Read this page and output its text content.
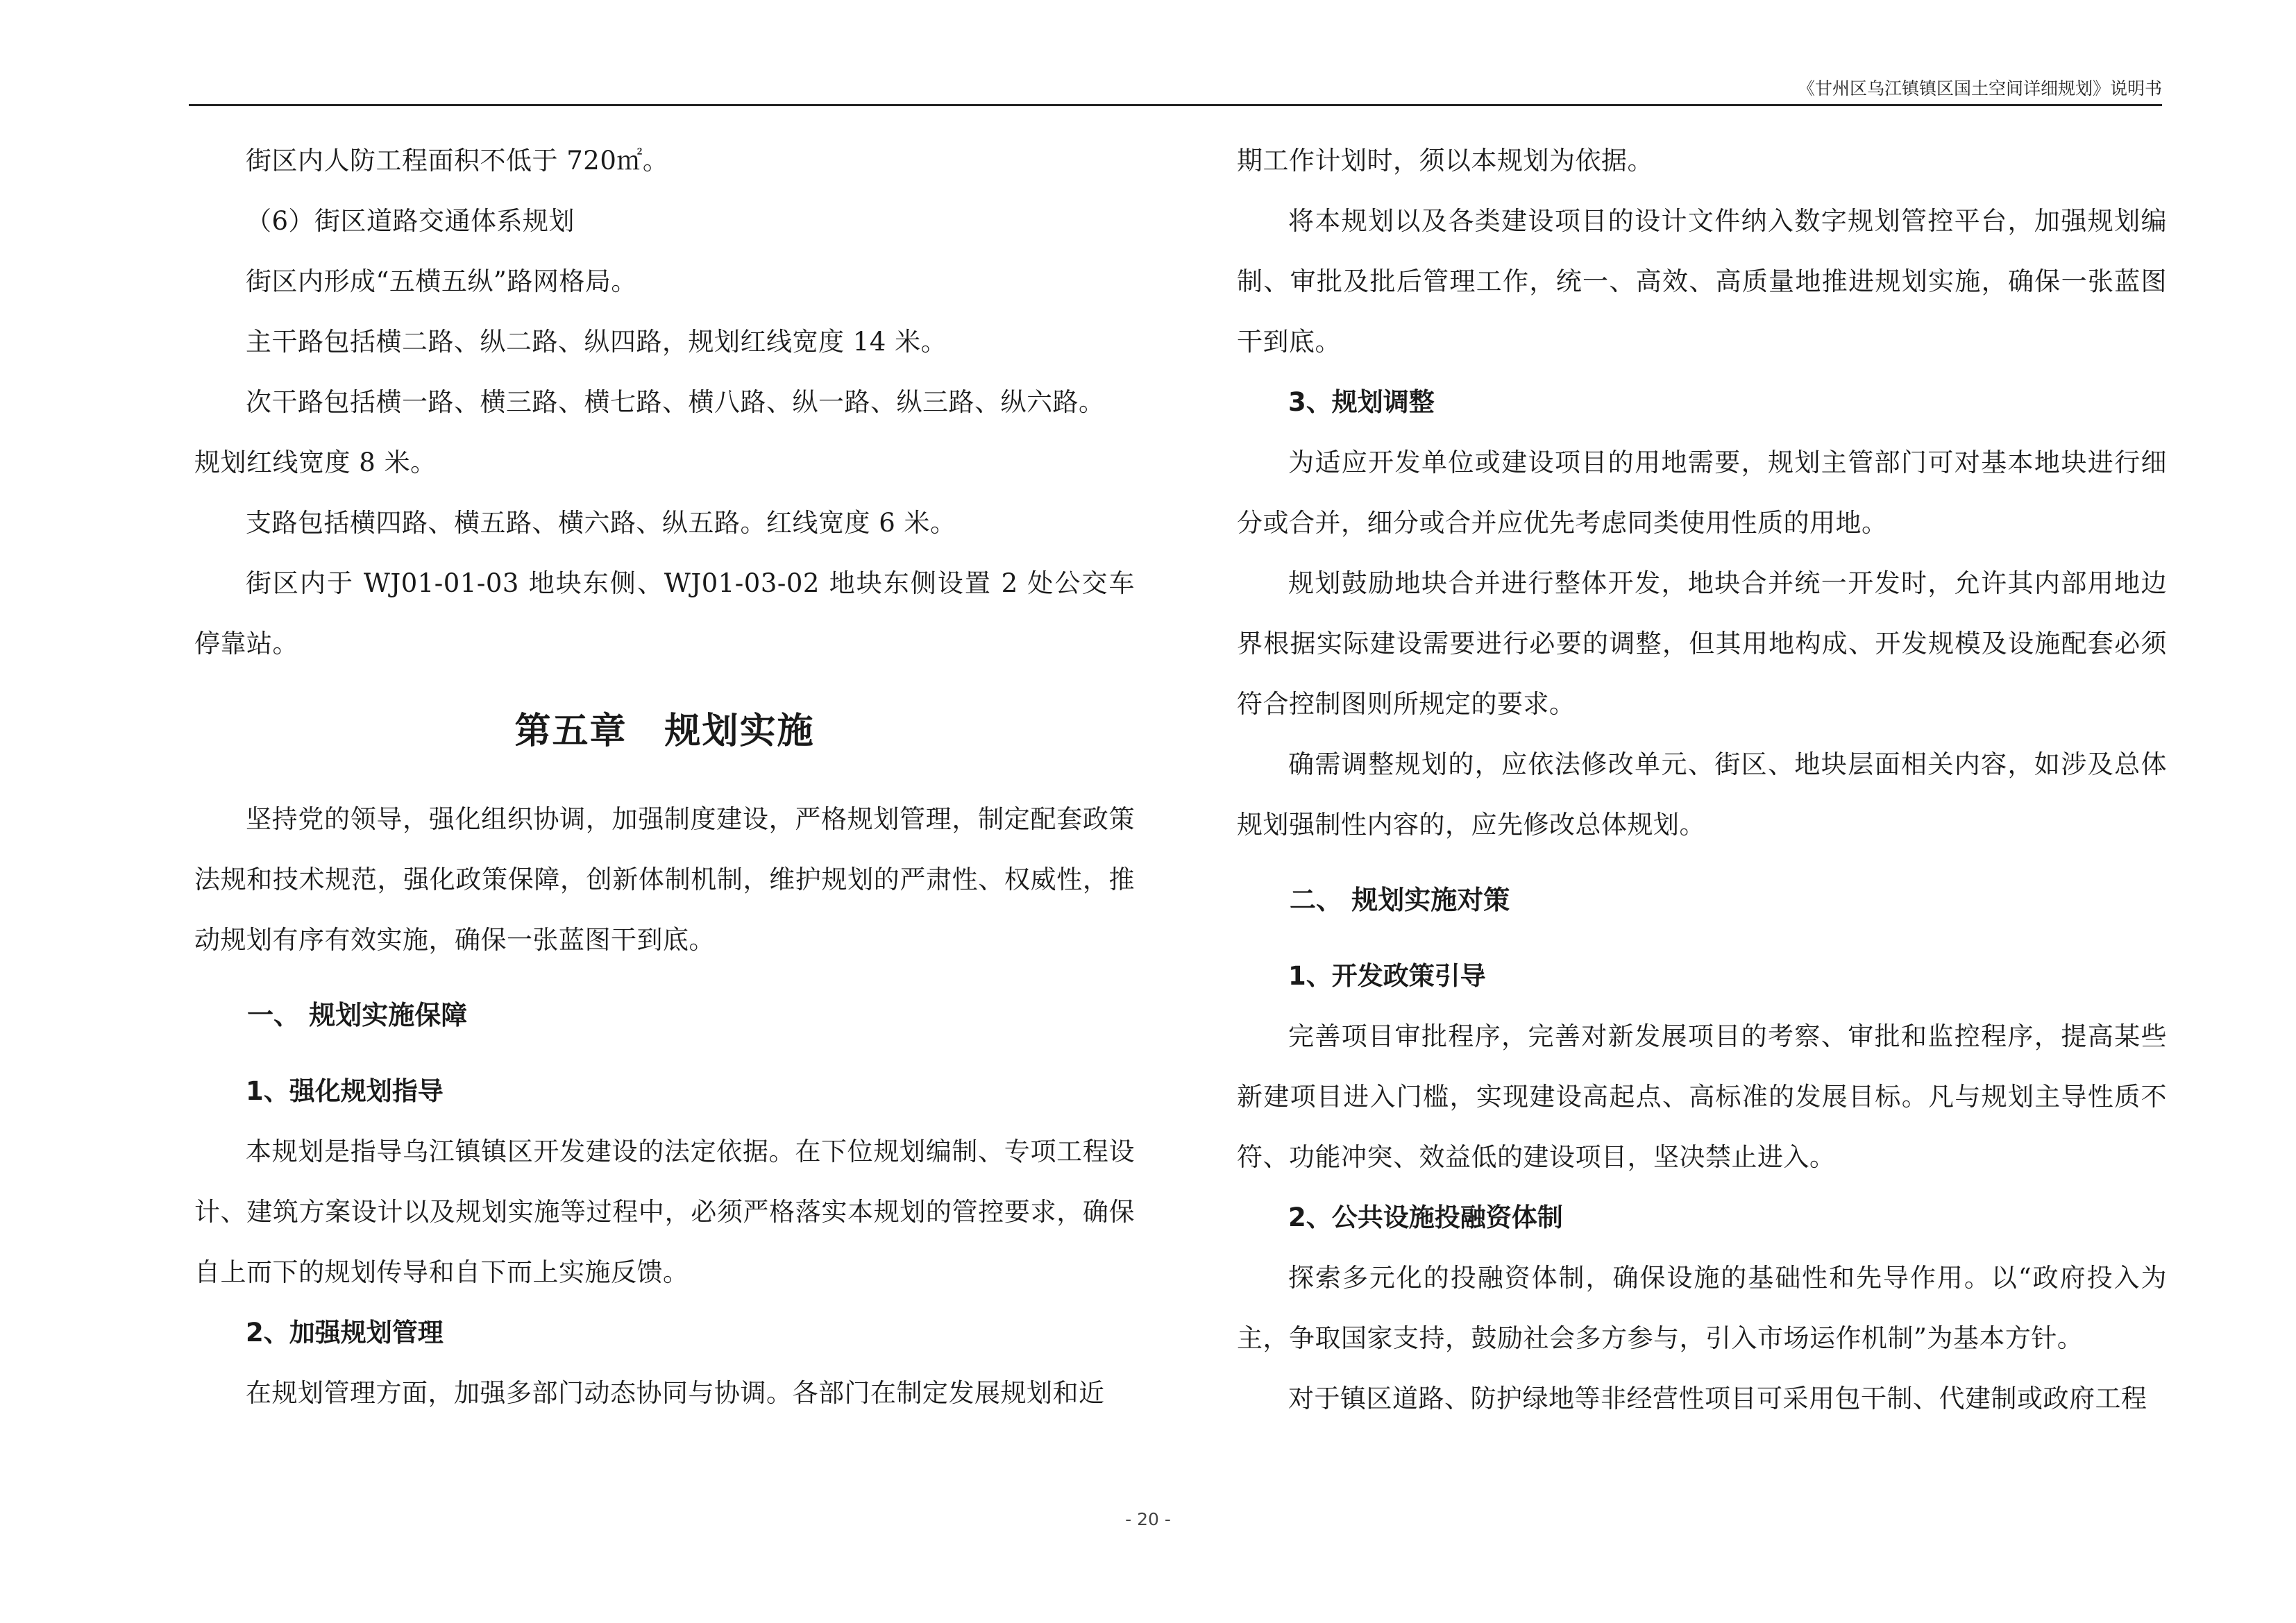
《甘州区乌江镇镇区国土空间详细规划》说明书

街区内人防工程面积不低于 720㎡。

（6）街区道路交通体系规划

街区内形成“五横五纵”路网格局。

主干路包括横二路、纵二路、纵四路，规划红线宽度 14 米。

次干路包括横一路、横三路、横七路、横八路、纵一路、纵三路、纵六路。

规划红线宽度 8 米。

支路包括横四路、横五路、横六路、纵五路。红线宽度 6 米。

街区内于 WJ01-01-03 地块东侧、WJ01-03-02 地块东侧设置 2 处公交车停靠站。

第五章　规划实施

坚持党的领导，强化组织协调，加强制度建设，严格规划管理，制定配套政策法规和技术规范，强化政策保障，创新体制机制，维护规划的严肃性、权威性，推动规划有序有效实施，确保一张蓝图干到底。

一、 规划实施保障
1、强化规划指导

本规划是指导乌江镇镇区开发建设的法定依据。在下位规划编制、专项工程设计、建筑方案设计以及规划实施等过程中，必须严格落实本规划的管控要求，确保自上而下的规划传导和自下而上实施反馈。

2、加强规划管理

在规划管理方面，加强多部门动态协同与协调。各部门在制定发展规划和近

期工作计划时，须以本规划为依据。

将本规划以及各类建设项目的设计文件纳入数字规划管控平台，加强规划编制、审批及批后管理工作，统一、高效、高质量地推进规划实施，确保一张蓝图干到底。

3、规划调整

为适应开发单位或建设项目的用地需要，规划主管部门可对基本地块进行细分或合并，细分或合并应优先考虑同类使用性质的用地。

规划鼓励地块合并进行整体开发，地块合并统一开发时，允许其内部用地边界根据实际建设需要进行必要的调整，但其用地构成、开发规模及设施配套必须符合控制图则所规定的要求。

确需调整规划的，应依法修改单元、街区、地块层面相关内容，如涉及总体规划强制性内容的，应先修改总体规划。

二、 规划实施对策
1、开发政策引导

完善项目审批程序，完善对新发展项目的考察、审批和监控程序，提高某些新建项目进入门槛，实现建设高起点、高标准的发展目标。凡与规划主导性质不符、功能冲突、效益低的建设项目，坚决禁止进入。

2、公共设施投融资体制

探索多元化的投融资体制，确保设施的基础性和先导作用。以“政府投入为主，争取国家支持，鼓励社会多方参与，引入市场运作机制”为基本方针。

对于镇区道路、防护绿地等非经营性项目可采用包干制、代建制或政府工程

- 20 -
